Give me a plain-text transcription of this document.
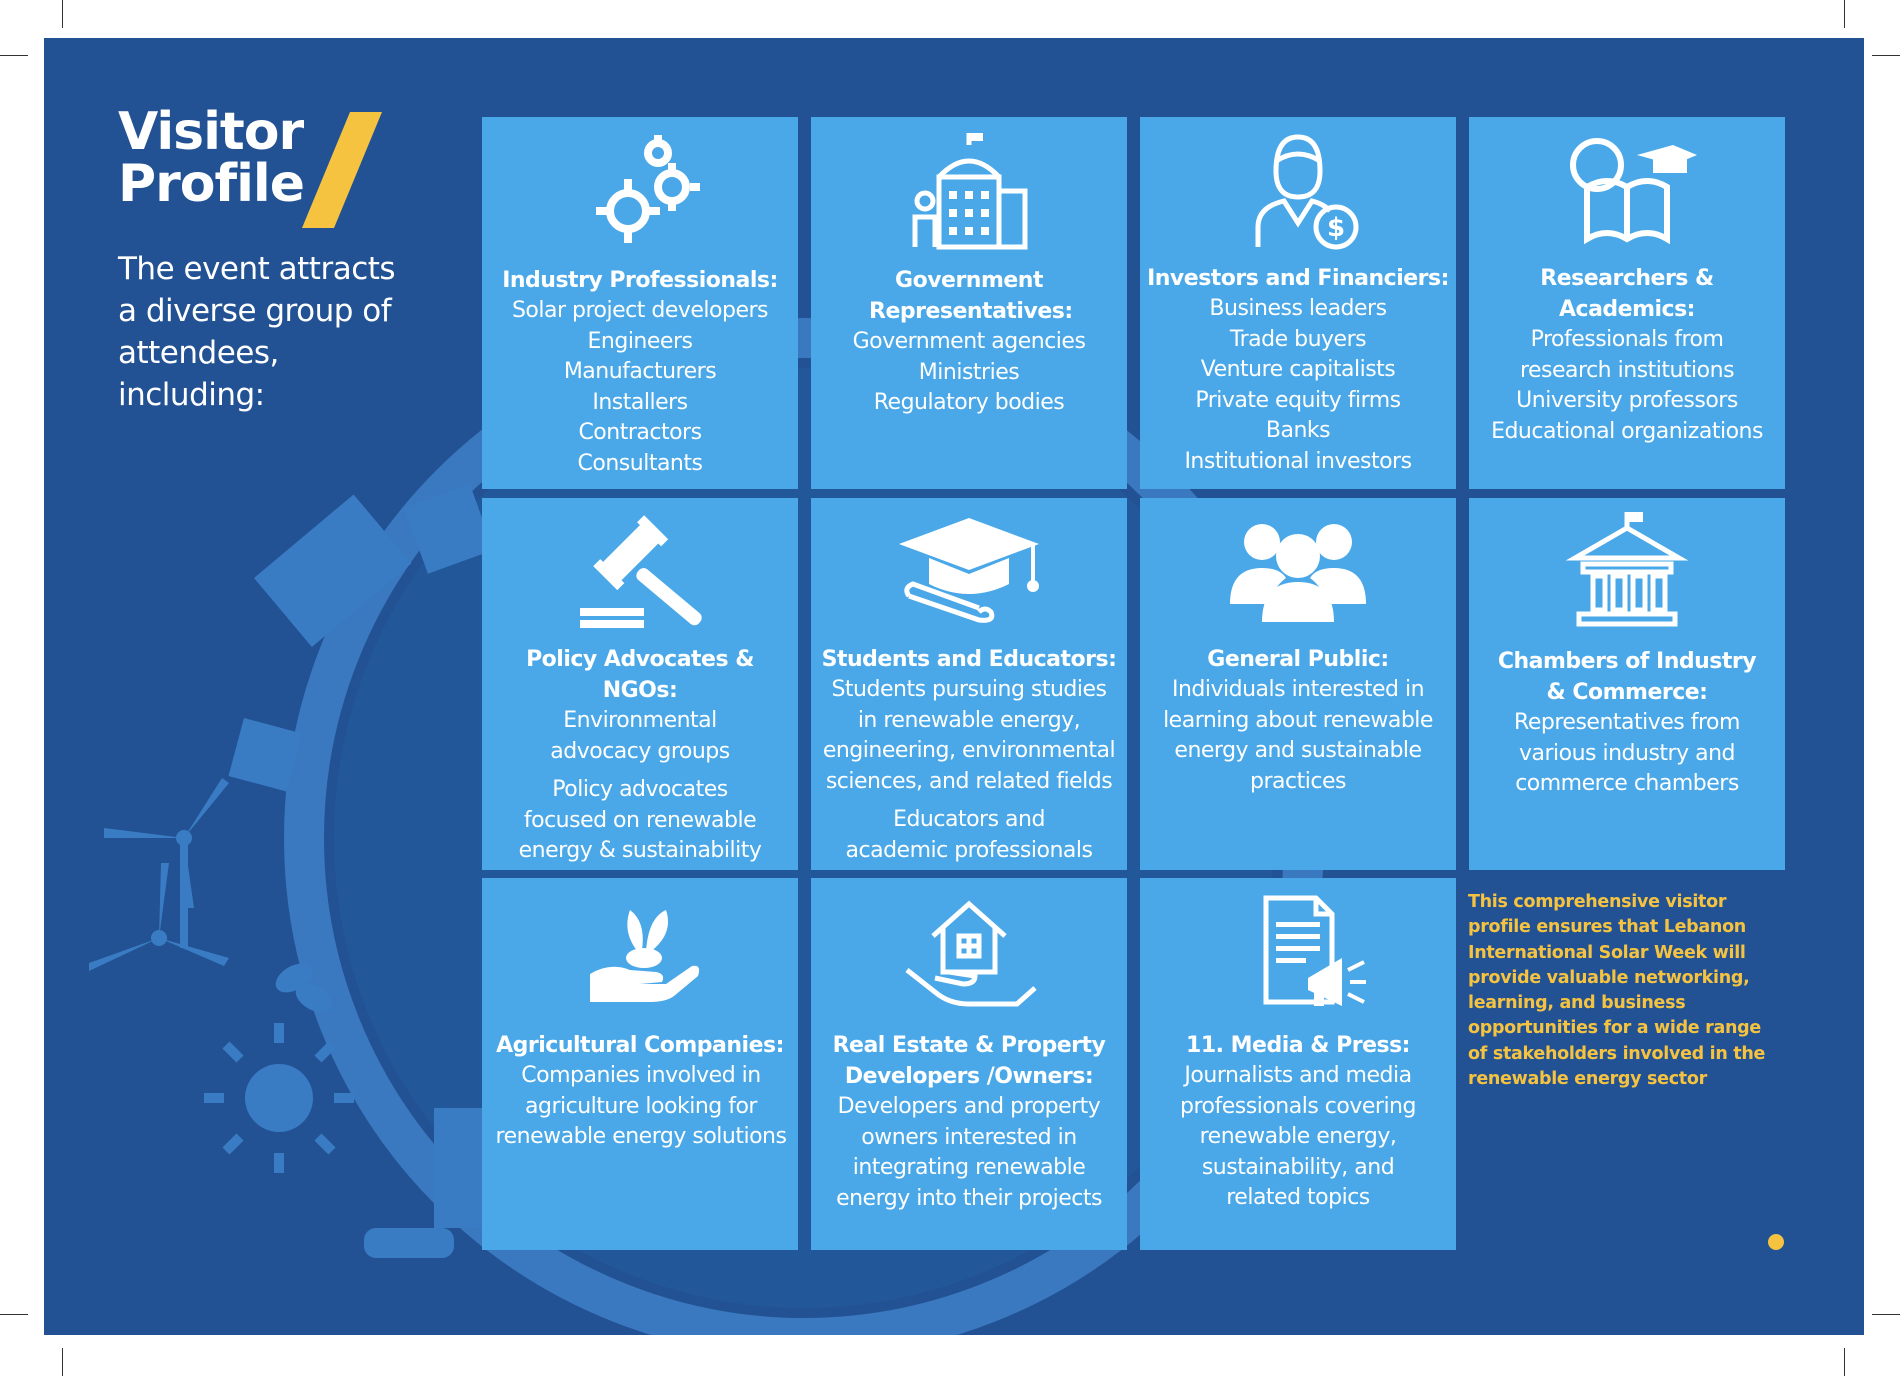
Visitor
Profile

The event attracts a diverse group of attendees, including:

Industry Professionals:
Solar project developers
Engineers
Manufacturers
Installers
Contractors
Consultants
Government Representatives:
Government agencies
Ministries
Regulatory bodies
$
Investors and Financiers:
Business leaders
Trade buyers
Venture capitalists
Private equity firms
Banks
Institutional investors
Researchers & Academics:
Professionals from research institutions
University professors
Educational organizations
Policy Advocates & NGOs:
Environmental advocacy groups
Policy advocates focused on renewable energy & sustainability
Students and Educators:
Students pursuing studies in renewable energy, engineering, environmental sciences, and related fields
Educators and academic professionals
General Public:
Individuals interested in learning about renewable energy and sustainable practices
Chambers of Industry & Commerce:
Representatives from various industry and commerce chambers
Agricultural Companies:
Companies involved in agriculture looking for renewable energy solutions
Real Estate & Property Developers /Owners:
Developers and property owners interested in integrating renewable energy into their projects
11. Media & Press:
Journalists and media professionals covering renewable energy, sustainability, and related topics

This comprehensive visitor profile ensures that Lebanon International Solar Week will provide valuable networking, learning, and business opportunities for a wide range of stakeholders involved in the renewable energy sector
